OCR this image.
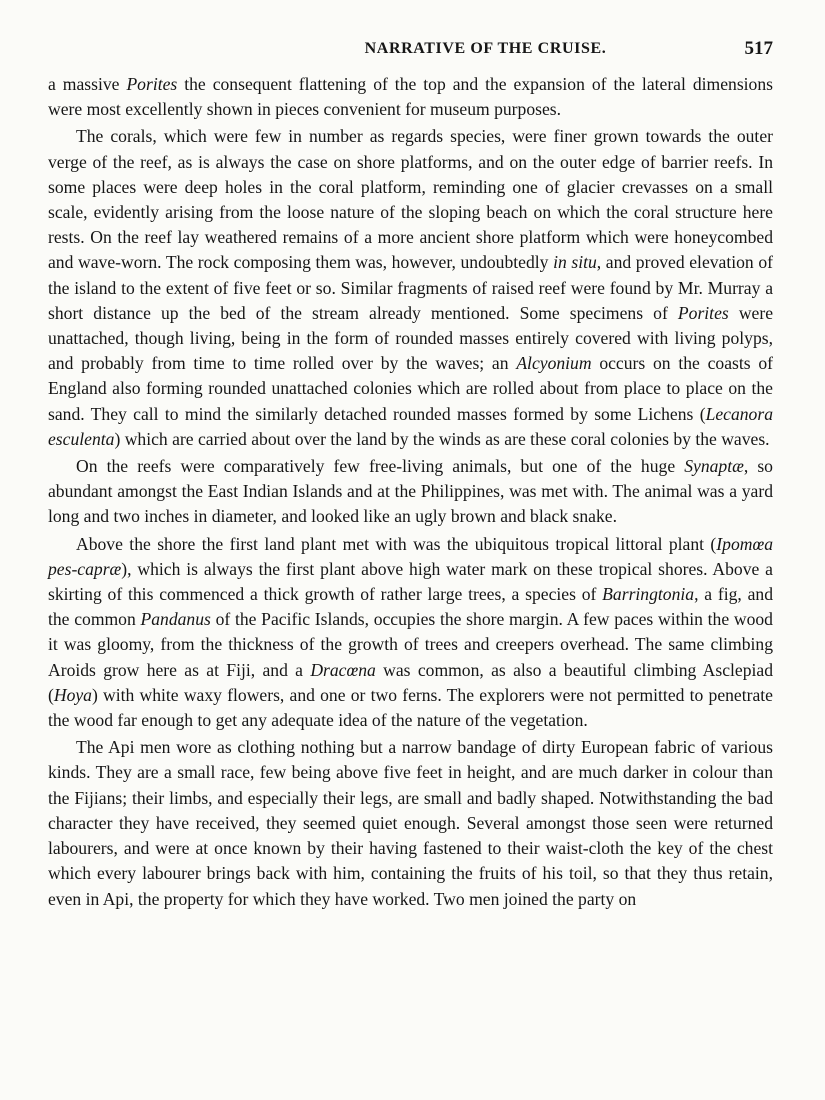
NARRATIVE OF THE CRUISE.	517

a massive Porites the consequent flattening of the top and the expansion of the lateral dimensions were most excellently shown in pieces convenient for museum purposes.

The corals, which were few in number as regards species, were finer grown towards the outer verge of the reef, as is always the case on shore platforms, and on the outer edge of barrier reefs. In some places were deep holes in the coral platform, reminding one of glacier crevasses on a small scale, evidently arising from the loose nature of the sloping beach on which the coral structure here rests. On the reef lay weathered remains of a more ancient shore platform which were honeycombed and wave-worn. The rock composing them was, however, undoubtedly in situ, and proved elevation of the island to the extent of five feet or so. Similar fragments of raised reef were found by Mr. Murray a short distance up the bed of the stream already mentioned. Some specimens of Porites were unattached, though living, being in the form of rounded masses entirely covered with living polyps, and probably from time to time rolled over by the waves; an Alcyonium occurs on the coasts of England also forming rounded unattached colonies which are rolled about from place to place on the sand. They call to mind the similarly detached rounded masses formed by some Lichens (Lecanora esculenta) which are carried about over the land by the winds as are these coral colonies by the waves.

On the reefs were comparatively few free-living animals, but one of the huge Synaptæ, so abundant amongst the East Indian Islands and at the Philippines, was met with. The animal was a yard long and two inches in diameter, and looked like an ugly brown and black snake.

Above the shore the first land plant met with was the ubiquitous tropical littoral plant (Ipomœa pes-capræ), which is always the first plant above high water mark on these tropical shores. Above a skirting of this commenced a thick growth of rather large trees, a species of Barringtonia, a fig, and the common Pandanus of the Pacific Islands, occupies the shore margin. A few paces within the wood it was gloomy, from the thickness of the growth of trees and creepers overhead. The same climbing Aroids grow here as at Fiji, and a Dracœna was common, as also a beautiful climbing Asclepiad (Hoya) with white waxy flowers, and one or two ferns. The explorers were not permitted to penetrate the wood far enough to get any adequate idea of the nature of the vegetation.

The Api men wore as clothing nothing but a narrow bandage of dirty European fabric of various kinds. They are a small race, few being above five feet in height, and are much darker in colour than the Fijians; their limbs, and especially their legs, are small and badly shaped. Notwithstanding the bad character they have received, they seemed quiet enough. Several amongst those seen were returned labourers, and were at once known by their having fastened to their waist-cloth the key of the chest which every labourer brings back with him, containing the fruits of his toil, so that they thus retain, even in Api, the property for which they have worked. Two men joined the party on
